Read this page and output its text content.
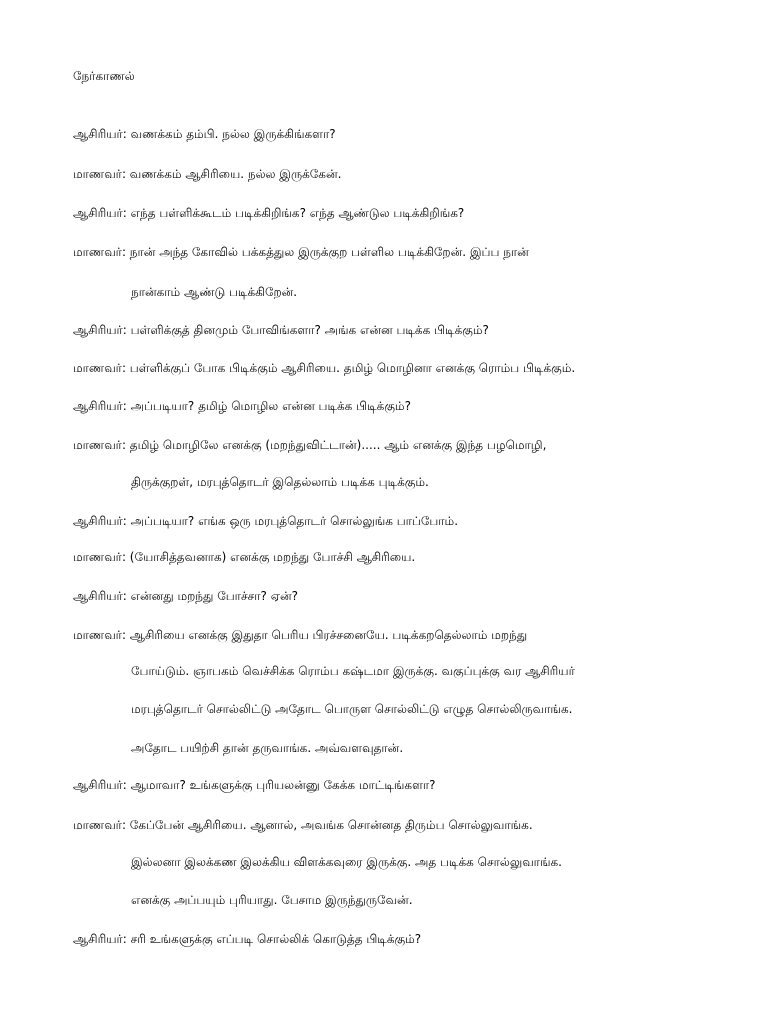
நேர்காணல்
ஆசிரியர்: வணக்கம் தம்பி. நல்ல இருக்கிங்களா?
மாணவர்: வணக்கம் ஆசிரியை. நல்ல இருக்கேன்.
ஆசிரியர்: எந்த பள்ளிக்கூடம் படிக்கிறிங்க? எந்த ஆண்டுல படிக்கிறிங்க?
மாணவர்: நான் அந்த கோவில் பக்கத்துல இருக்குற பள்ளில படிக்கிறேன். இப்ப நான்
நான்காம் ஆண்டு படிக்கிறேன்.
ஆசிரியர்: பள்ளிக்குத் தினமும் போவிங்களா? அங்க என்ன படிக்க பிடிக்கும்?
மாணவர்: பள்ளிக்குப் போக பிடிக்கும் ஆசிரியை. தமிழ் மொழினா எனக்கு ரொம்ப பிடிக்கும்.
ஆசிரியர்: அப்படியா? தமிழ் மொழில என்ன படிக்க பிடிக்கும்?
மாணவர்: தமிழ் மொழிலே எனக்கு (மறந்துவிட்டான்)..... ஆம் எனக்கு இந்த பழமொழி,
திருக்குறள், மரபுத்தொடர் இதெல்லாம் படிக்க புடிக்கும்.
ஆசிரியர்: அப்படியா? எங்க ஒரு மரபுத்தொடர் சொல்லுங்க பாப்போம்.
மாணவர்: (யோசித்தவனாக) எனக்கு மறந்து போச்சி ஆசிரியை.
ஆசிரியர்: என்னது மறந்து போச்சா? ஏன்?
மாணவர்: ஆசிரியை எனக்கு இதுதா பெரிய பிரச்சனையே. படிக்கறதெல்லாம் மறந்து
போய்டும். ஞாபகம் வெச்சிக்க ரொம்ப கஷ்டமா இருக்கு. வகுப்புக்கு வர ஆசிரியர்
மரபுத்தொடர் சொல்லிட்டு அதோட பொருள சொல்லிட்டு எழுத சொல்லிருவாங்க.
அதோட பயிற்சி தான் தருவாங்க. அவ்வளவுதான்.
ஆசிரியர்: ஆமாவா? உங்களுக்கு புரியலன்னு கேக்க மாட்டிங்களா?
மாணவர்: கேப்பேன் ஆசிரியை. ஆனால், அவங்க சொன்னத திரும்ப சொல்லுவாங்க.
இல்லனா இலக்கண இலக்கிய விளக்கவுரை இருக்கு. அத படிக்க சொல்லுவாங்க.
எனக்கு அப்பயும் புரியாது. பேசாம இருந்துருவேன்.
ஆசிரியர்: சரி உங்களுக்கு எப்படி சொல்லிக் கொடுத்த பிடிக்கும்?
